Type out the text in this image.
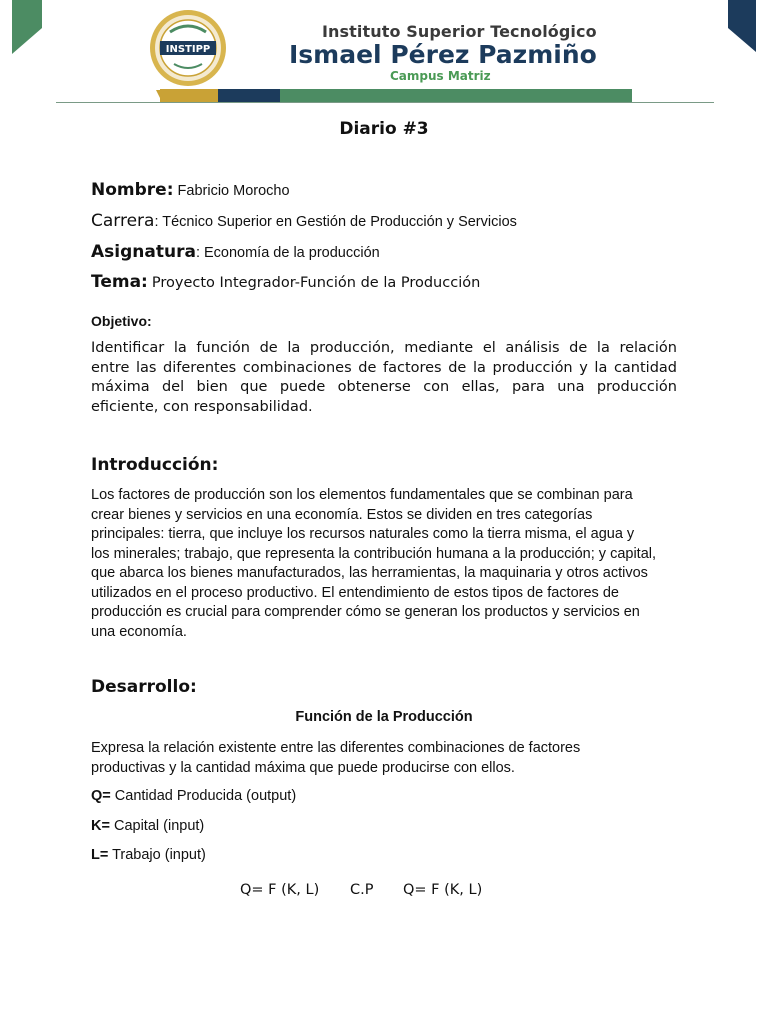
INSTIPP
Instituto Superior Tecnológico
Ismael Pérez Pazmiño
Campus Matriz
Diario #3
Nombre: Fabricio Morocho
Carrera: Técnico Superior en Gestión de Producción y Servicios
Asignatura: Economía de la producción
Tema: Proyecto Integrador-Función de la Producción
Objetivo:
Identificar la función de la producción, mediante el análisis de la relación
entre las diferentes combinaciones de factores de la producción y la cantidad
máxima del bien que puede obtenerse con ellas, para una producción
eficiente, con responsabilidad.
Introducción:
Los factores de producción son los elementos fundamentales que se combinan para
crear bienes y servicios en una economía. Estos se dividen en tres categorías
principales: tierra, que incluye los recursos naturales como la tierra misma, el agua y
los minerales; trabajo, que representa la contribución humana a la producción; y capital,
que abarca los bienes manufacturados, las herramientas, la maquinaria y otros activos
utilizados en el proceso productivo. El entendimiento de estos tipos de factores de
producción es crucial para comprender cómo se generan los productos y servicios en
una economía.
Desarrollo:
Función de la Producción
Expresa la relación existente entre las diferentes combinaciones de factores
productivas y la cantidad máxima que puede producirse con ellos.
Q= Cantidad Producida (output)
K= Capital (input)
L= Trabajo (input)
Q= F (K, L) C.P Q= F (K, L)
